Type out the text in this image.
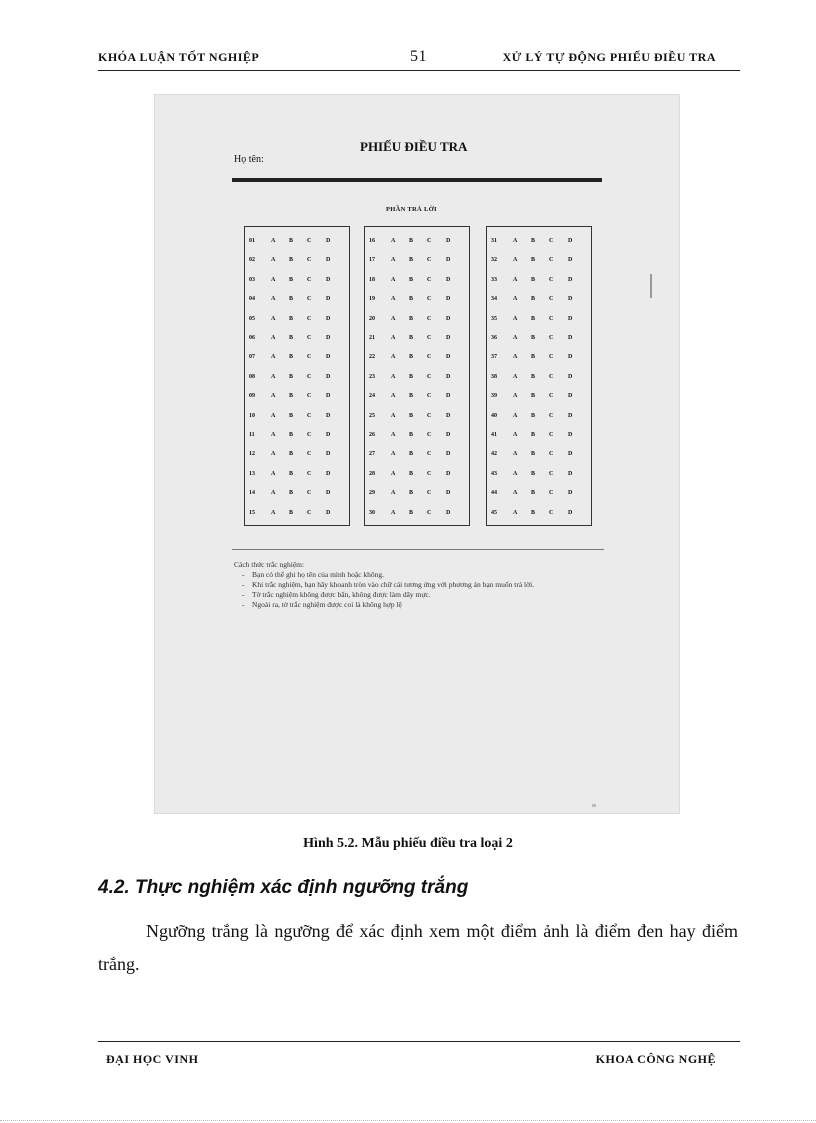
KHÓA LUẬN TỐT NGHIỆP	51	XỬ LÝ TỰ ĐỘNG PHIẾU ĐIỀU TRA
PHIẾU ĐIỀU TRA
Họ tên:
PHẦN TRẢ LỜI
01	A B C D
02	A B C D
03	A B C D
04	A B C D
05	A B C D
06	A B C D
07	A B C D
08	A B C D
09	A B C D
10	A B C D
11	A B C D
12	A B C D
13	A B C D
14	A B C D
15	A B C D
16	A B C D
17	A B C D
18	A B C D
19	A B C D
20	A B C D
21	A B C D
22	A B C D
23	A B C D
24	A B C D
25	A B C D
26	A B C D
27	A B C D
28	A B C D
29	A B C D
30	A B C D
31	A B C D
32	A B C D
33	A B C D
34	A B C D
35	A B C D
36	A B C D
37	A B C D
38	A B C D
39	A B C D
40	A B C D
41	A B C D
42	A B C D
43	A B C D
44	A B C D
45	A B C D
Cách thức trắc nghiệm:
- Bạn có thể ghi họ tên của mình hoặc không.
- Khi trắc nghiệm, bạn hãy khoanh tròn vào chữ cái tương ứng với phương án bạn muốn trả lời.
- Tờ trắc nghiệm không được bẩn, không được làm dây mực.
- Ngoài ra, tờ trắc nghiệm được coi là không hợp lệ
Hình 5.2. Mẫu phiếu điều tra loại 2
4.2. Thực nghiệm xác định ngưỡng trắng
Ngưỡng trắng là ngưỡng để xác định xem một điểm ảnh là điểm đen hay điểm trắng.
ĐẠI HỌC VINH	KHOA CÔNG NGHỆ
